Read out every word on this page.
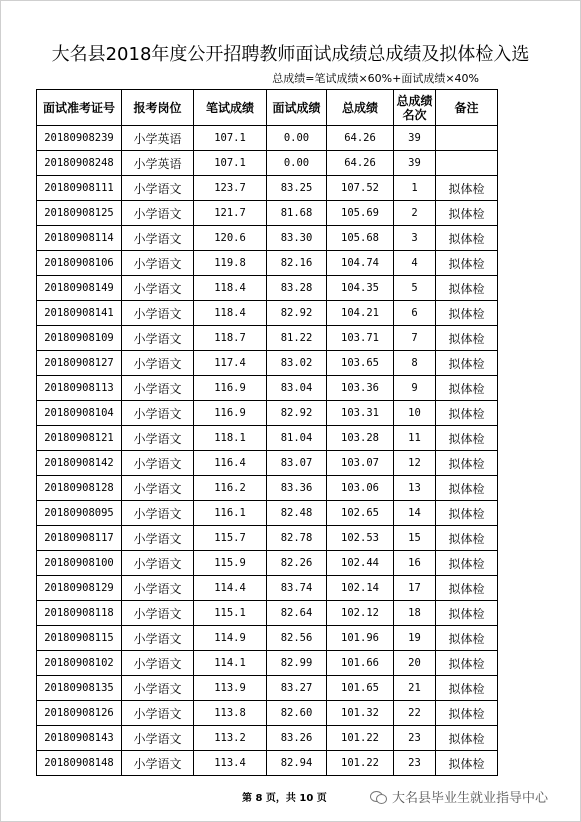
大名县2018年度公开招聘教师面试成绩总成绩及拟体检入选
总成绩=笔试成绩×60%+面试成绩×40%
面试准考证号	报考岗位	笔试成绩	面试成绩	总成绩	总成绩
名次	备注
20180908239	小学英语	107.1	0.00	64.26	39	
20180908248	小学英语	107.1	0.00	64.26	39	
20180908111	小学语文	123.7	83.25	107.52	1	拟体检
20180908125	小学语文	121.7	81.68	105.69	2	拟体检
20180908114	小学语文	120.6	83.30	105.68	3	拟体检
20180908106	小学语文	119.8	82.16	104.74	4	拟体检
20180908149	小学语文	118.4	83.28	104.35	5	拟体检
20180908141	小学语文	118.4	82.92	104.21	6	拟体检
20180908109	小学语文	118.7	81.22	103.71	7	拟体检
20180908127	小学语文	117.4	83.02	103.65	8	拟体检
20180908113	小学语文	116.9	83.04	103.36	9	拟体检
20180908104	小学语文	116.9	82.92	103.31	10	拟体检
20180908121	小学语文	118.1	81.04	103.28	11	拟体检
20180908142	小学语文	116.4	83.07	103.07	12	拟体检
20180908128	小学语文	116.2	83.36	103.06	13	拟体检
20180908095	小学语文	116.1	82.48	102.65	14	拟体检
20180908117	小学语文	115.7	82.78	102.53	15	拟体检
20180908100	小学语文	115.9	82.26	102.44	16	拟体检
20180908129	小学语文	114.4	83.74	102.14	17	拟体检
20180908118	小学语文	115.1	82.64	102.12	18	拟体检
20180908115	小学语文	114.9	82.56	101.96	19	拟体检
20180908102	小学语文	114.1	82.99	101.66	20	拟体检
20180908135	小学语文	113.9	83.27	101.65	21	拟体检
20180908126	小学语文	113.8	82.60	101.32	22	拟体检
20180908143	小学语文	113.2	83.26	101.22	23	拟体检
20180908148	小学语文	113.4	82.94	101.22	23	拟体检
第 8 页，共 10 页	大名县毕业生就业指导中心
